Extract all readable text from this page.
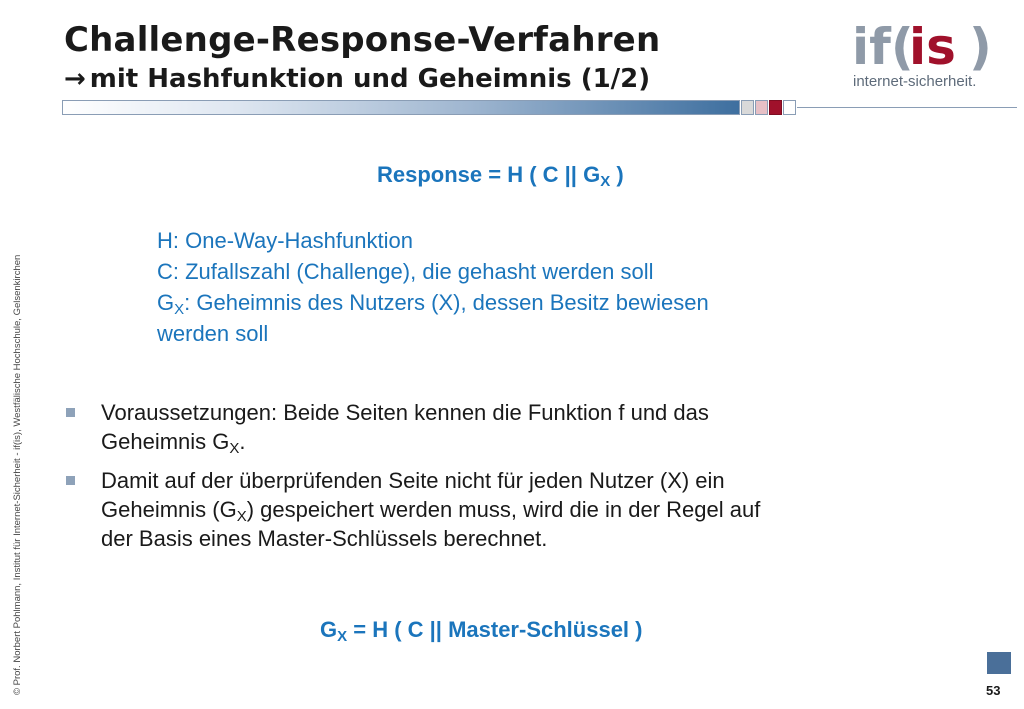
Challenge-Response-Verfahren
→ mit Hashfunktion und Geheimnis (1/2)
if(
is )
internet-sicherheit.
© Prof. Norbert Pohlmann, Institut für Internet-Sicherheit - if(is), Westfälische Hochschule, Gelsenkirchen
Response = H ( C || $G_X$ )
H: One-Way-Hashfunktion
C: Zufallszahl (Challenge), die gehasht werden soll
$G_X$: Geheimnis des Nutzers (X), dessen Besitz bewiesen
werden soll
Voraussetzungen: Beide Seiten kennen die Funktion f und das
Geheimnis $G_X$.
Damit auf der überprüfenden Seite nicht für jeden Nutzer (X) ein
Geheimnis $(G_X)$ gespeichert werden muss, wird die in der Regel auf
der Basis eines Master-Schlüssels berechnet.
$G_X = H$ ( C || Master-Schlüssel )
53
